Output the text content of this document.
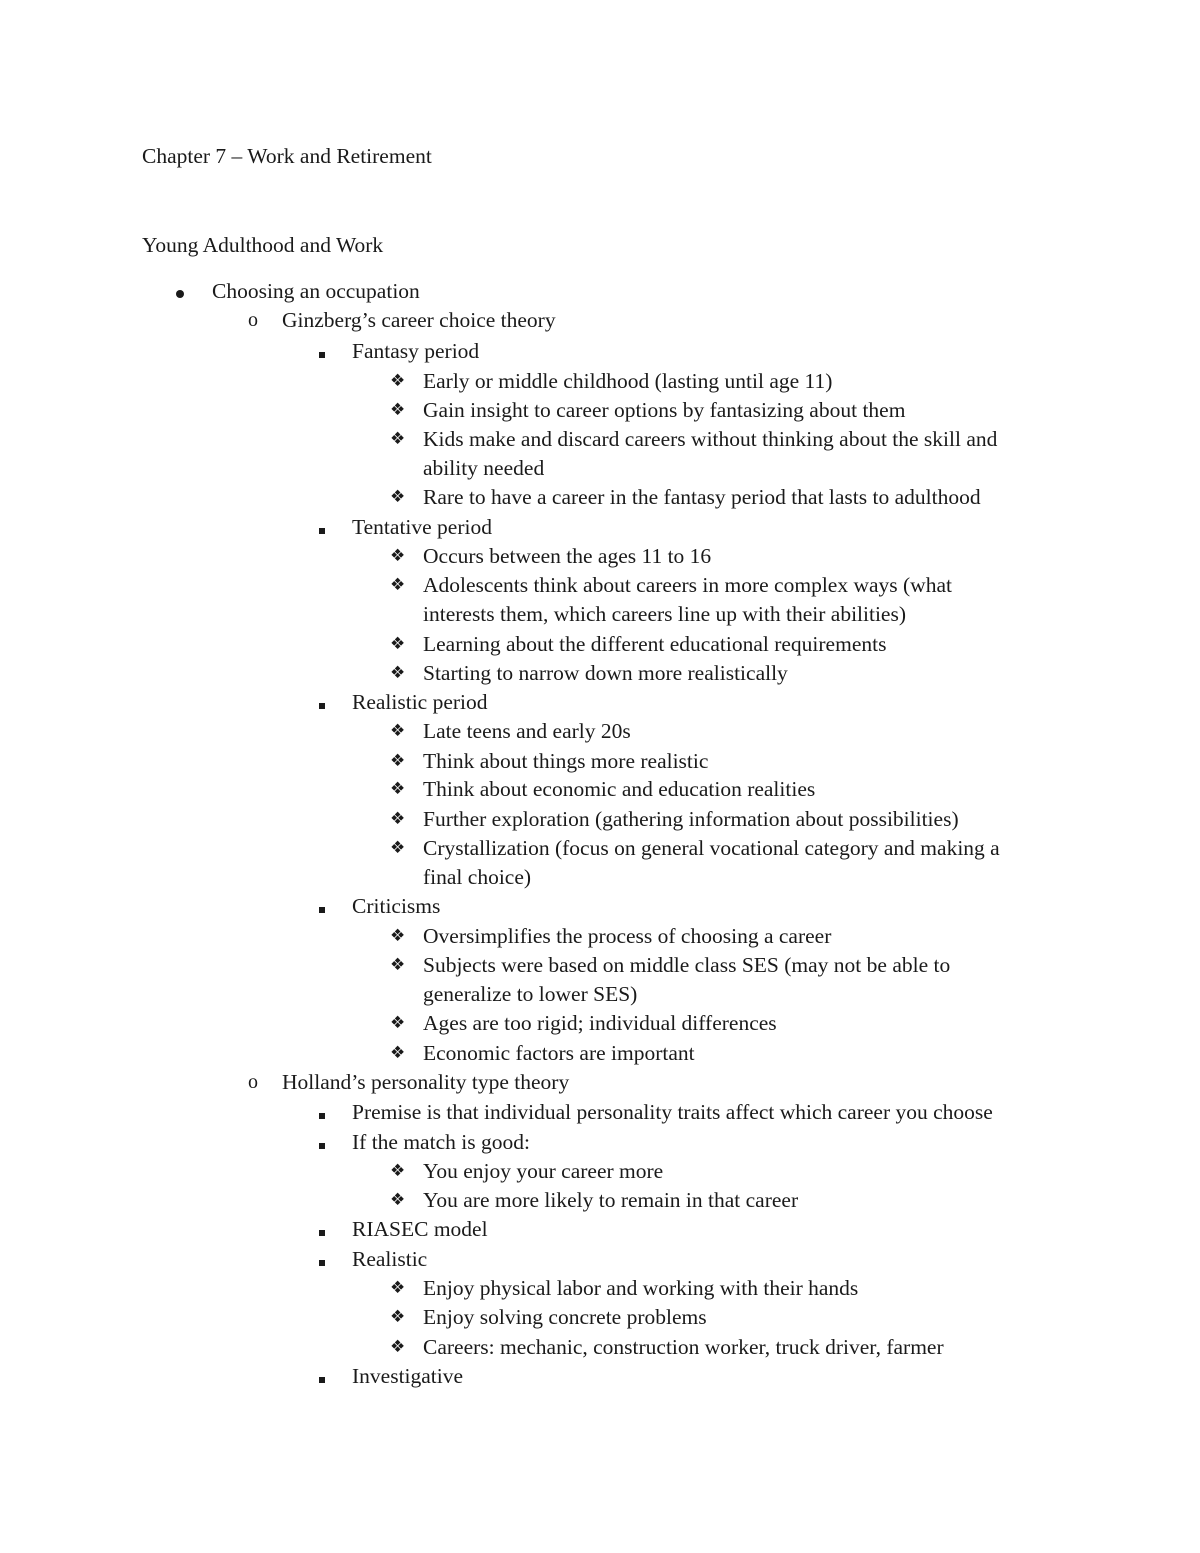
Chapter 7 – Work and Retirement
Young Adulthood and Work
Choosing an occupation
o Ginzberg’s career choice theory
Fantasy period
❖ Early or middle childhood (lasting until age 11)
❖ Gain insight to career options by fantasizing about them
❖ Kids make and discard careers without thinking about the skill and
ability needed
❖ Rare to have a career in the fantasy period that lasts to adulthood
Tentative period
❖ Occurs between the ages 11 to 16
❖ Adolescents think about careers in more complex ways (what
interests them, which careers line up with their abilities)
❖ Learning about the different educational requirements
❖ Starting to narrow down more realistically
Realistic period
❖ Late teens and early 20s
❖ Think about things more realistic
❖ Think about economic and education realities
❖ Further exploration (gathering information about possibilities)
❖ Crystallization (focus on general vocational category and making a
final choice)
Criticisms
❖ Oversimplifies the process of choosing a career
❖ Subjects were based on middle class SES (may not be able to
generalize to lower SES)
❖ Ages are too rigid; individual differences
❖ Economic factors are important
o Holland’s personality type theory
Premise is that individual personality traits affect which career you choose
If the match is good:
❖ You enjoy your career more
❖ You are more likely to remain in that career
RIASEC model
Realistic
❖ Enjoy physical labor and working with their hands
❖ Enjoy solving concrete problems
❖ Careers: mechanic, construction worker, truck driver, farmer
Investigative
